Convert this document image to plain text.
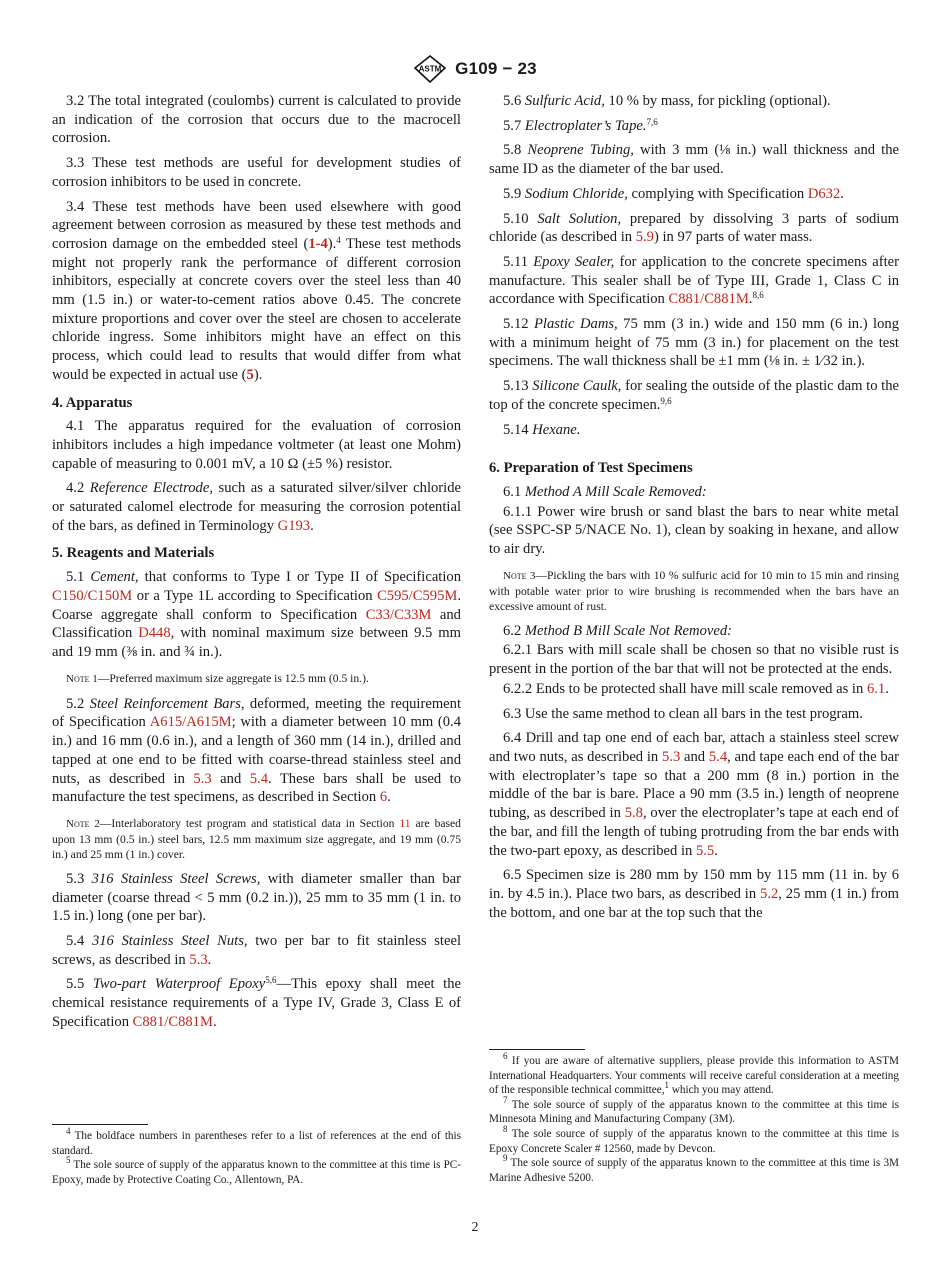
ASTM G109 − 23

3.2 The total integrated (coulombs) current is calculated to provide an indication of the corrosion that occurs due to the macrocell corrosion.

3.3 These test methods are useful for development studies of corrosion inhibitors to be used in concrete.

3.4 These test methods have been used elsewhere with good agreement between corrosion as measured by these test methods and corrosion damage on the embedded steel (1-4).$^4$ These test methods might not properly rank the performance of different corrosion inhibitors, especially at concrete covers over the steel less than 40 mm (1.5 in.) or water-to-cement ratios above 0.45. The concrete mixture proportions and cover over the steel are chosen to accelerate chloride ingress. Some inhibitors might have an effect on this process, which could lead to results that would differ from what would be expected in actual use (5).

4. Apparatus

4.1 The apparatus required for the evaluation of corrosion inhibitors includes a high impedance voltmeter (at least one Mohm) capable of measuring to 0.001 mV, a 10 Ω (±5 %) resistor.

4.2 Reference Electrode, such as a saturated silver/silver chloride or saturated calomel electrode for measuring the corrosion potential of the bars, as defined in Terminology G193.

5. Reagents and Materials

5.1 Cement, that conforms to Type I or Type II of Specification C150/C150M or a Type 1L according to Specification C595/C595M. Coarse aggregate shall conform to Specification C33/C33M and Classification D448, with nominal maximum size between 9.5 mm and 19 mm (⅜ in. and ¾ in.).

Note 1—Preferred maximum size aggregate is 12.5 mm (0.5 in.).

5.2 Steel Reinforcement Bars, deformed, meeting the requirement of Specification A615/A615M; with a diameter between 10 mm (0.4 in.) and 16 mm (0.6 in.), and a length of 360 mm (14 in.), drilled and tapped at one end to be fitted with coarse-thread stainless steel and nuts, as described in 5.3 and 5.4. These bars shall be used to manufacture the test specimens, as described in Section 6.

Note 2—Interlaboratory test program and statistical data in Section 11 are based upon 13 mm (0.5 in.) steel bars, 12.5 mm maximum size aggregate, and 19 mm (0.75 in.) and 25 mm (1 in.) cover.

5.3 316 Stainless Steel Screws, with diameter smaller than bar diameter (coarse thread < 5 mm (0.2 in.)), 25 mm to 35 mm (1 in. to 1.5 in.) long (one per bar).

5.4 316 Stainless Steel Nuts, two per bar to fit stainless steel screws, as described in 5.3.

5.5 Two-part Waterproof Epoxy$^{5,6}$—This epoxy shall meet the chemical resistance requirements of a Type IV, Grade 3, Class E of Specification C881/C881M.

5.6 Sulfuric Acid, 10 % by mass, for pickling (optional).

5.7 Electroplater’s Tape.$^{7,6}$

5.8 Neoprene Tubing, with 3 mm (⅛ in.) wall thickness and the same ID as the diameter of the bar used.

5.9 Sodium Chloride, complying with Specification D632.

5.10 Salt Solution, prepared by dissolving 3 parts of sodium chloride (as described in 5.9) in 97 parts of water mass.

5.11 Epoxy Sealer, for application to the concrete specimens after manufacture. This sealer shall be of Type III, Grade 1, Class C in accordance with Specification C881/C881M.$^{8,6}$

5.12 Plastic Dams, 75 mm (3 in.) wide and 150 mm (6 in.) long with a minimum height of 75 mm (3 in.) for placement on the test specimens. The wall thickness shall be ±1 mm (⅛ in. ± 1⁄32 in.).

5.13 Silicone Caulk, for sealing the outside of the plastic dam to the top of the concrete specimen.$^{9,6}$

5.14 Hexane.

6. Preparation of Test Specimens

6.1 Method A Mill Scale Removed:

6.1.1 Power wire brush or sand blast the bars to near white metal (see SSPC-SP 5/NACE No. 1), clean by soaking in hexane, and allow to air dry.

Note 3—Pickling the bars with 10 % sulfuric acid for 10 min to 15 min and rinsing with potable water prior to wire brushing is recommended when the bars have an excessive amount of rust.

6.2 Method B Mill Scale Not Removed:

6.2.1 Bars with mill scale shall be chosen so that no visible rust is present in the portion of the bar that will not be protected at the ends.

6.2.2 Ends to be protected shall have mill scale removed as in 6.1.

6.3 Use the same method to clean all bars in the test program.

6.4 Drill and tap one end of each bar, attach a stainless steel screw and two nuts, as described in 5.3 and 5.4, and tape each end of the bar with electroplater’s tape so that a 200 mm (8 in.) portion in the middle of the bar is bare. Place a 90 mm (3.5 in.) length of neoprene tubing, as described in 5.8, over the electroplater’s tape at each end of the bar, and fill the length of tubing protruding from the bar ends with the two-part epoxy, as described in 5.5.

6.5 Specimen size is 280 mm by 150 mm by 115 mm (11 in. by 6 in. by 4.5 in.). Place two bars, as described in 5.2, 25 mm (1 in.) from the bottom, and one bar at the top such that the

$^4$ The boldface numbers in parentheses refer to a list of references at the end of this standard.

$^5$ The sole source of supply of the apparatus known to the committee at this time is PC-Epoxy, made by Protective Coating Co., Allentown, PA.

$^6$ If you are aware of alternative suppliers, please provide this information to ASTM International Headquarters. Your comments will receive careful consideration at a meeting of the responsible technical committee,$^1$ which you may attend.

$^7$ The sole source of supply of the apparatus known to the committee at this time is Minnesota Mining and Manufacturing Company (3M).

$^8$ The sole source of supply of the apparatus known to the committee at this time is Epoxy Concrete Scaler # 12560, made by Devcon.

$^9$ The sole source of supply of the apparatus known to the committee at this time is 3M Marine Adhesive 5200.

2
